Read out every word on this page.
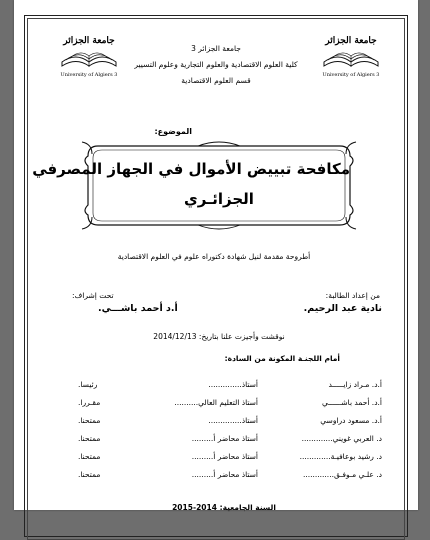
جامعة الجزائر
University of Algiers 3
جامعة الجزائر
University of Algiers 3
جامعة الجزائر 3
كلية العلوم الاقتصادية والعلوم التجارية وعلوم التسيير
قسم العلوم الاقتصادية
الموضوع:
مكافحة تبييض الأموال في الجهاز المصرفي
الجزائـري
أطروحة مقدمة لنيل شهادة دكتوراه علوم في العلوم الاقتصادية
من إعداد الطالبة:
نادية عبد الرحيم.
تحت إشراف:
أ.د أحمد باشـــي.
نوقشت وأجيزت علنا بتاريخ: 2014/12/13
أمام اللجنـة المكونة من السادة:
أ.د. مـراد زايـــــد
أستاذ..............
رئيسا.
أ.د. أحمد باشــــــي
أستاذ التعليم العالي..........
مقـررا.
أ.د. مسعود دراوسي
أستاذ..............
ممتحنا.
د. العربي غويني.............
أستاذ محاضر أ.........
ممتحنا.
د. رشيد بوعافيـة.............
أستاذ محاضر أ.........
ممتحنا.
د. علـي مـوفـق.............
أستاذ محاضر أ.........
ممتحنا.
السنة الجامعية: 2014-2015
